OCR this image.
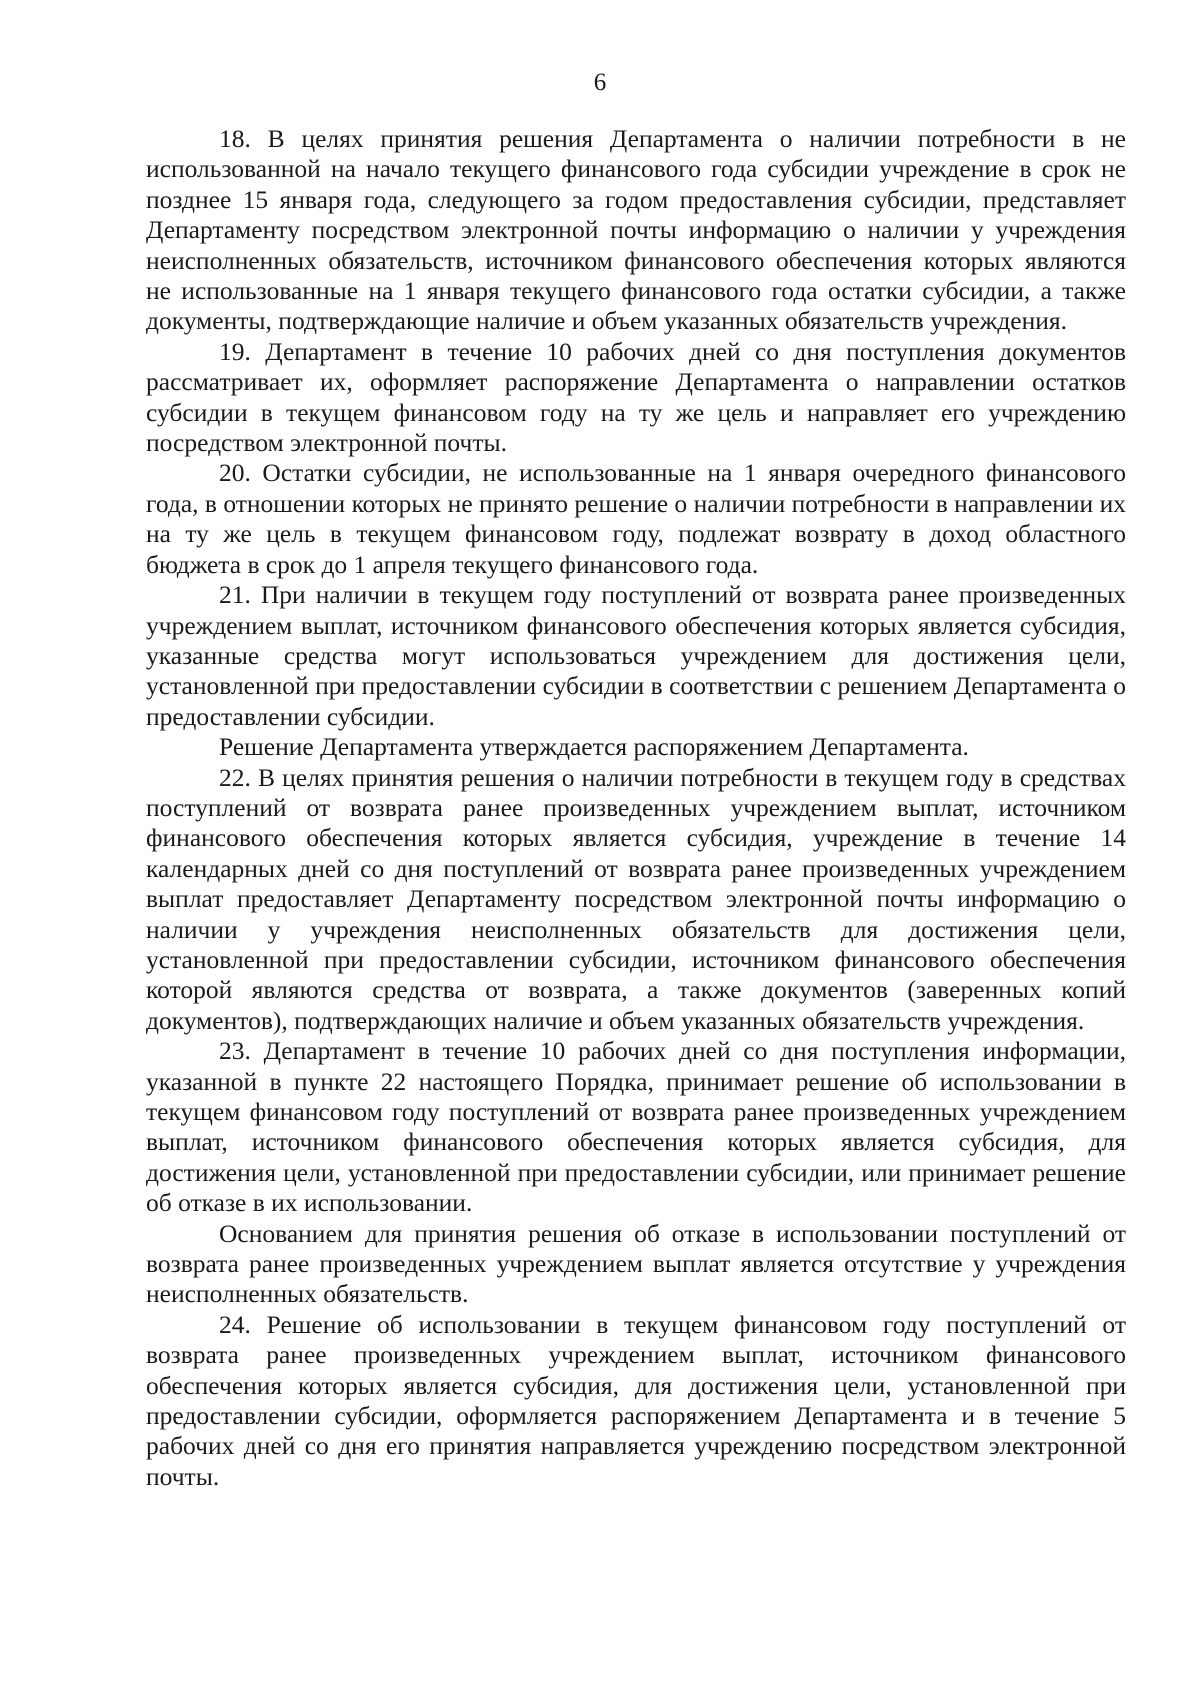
6

18. В целях принятия решения Департамента о наличии потребности в не использованной на начало текущего финансового года субсидии учреждение в срок не позднее 15 января года, следующего за годом предоставления субсидии, представляет Департаменту посредством электронной почты информацию о наличии у учреждения неисполненных обязательств, источником финансового обеспечения которых являются не использованные на 1 января текущего финансового года остатки субсидии, а также документы, подтверждающие наличие и объем указанных обязательств учреждения.

19. Департамент в течение 10 рабочих дней со дня поступления документов рассматривает их, оформляет распоряжение Департамента о направлении остатков субсидии в текущем финансовом году на ту же цель и направляет его учреждению посредством электронной почты.

20. Остатки субсидии, не использованные на 1 января очередного финансового года, в отношении которых не принято решение о наличии потребности в направлении их на ту же цель в текущем финансовом году, подлежат возврату в доход областного бюджета в срок до 1 апреля текущего финансового года.

21. При наличии в текущем году поступлений от возврата ранее произведенных учреждением выплат, источником финансового обеспечения которых является субсидия, указанные средства могут использоваться учреждением для достижения цели, установленной при предоставлении субсидии в соответствии с решением Департамента о предоставлении субсидии.

Решение Департамента утверждается распоряжением Департамента.

22. В целях принятия решения о наличии потребности в текущем году в средствах поступлений от возврата ранее произведенных учреждением выплат, источником финансового обеспечения которых является субсидия, учреждение в течение 14 календарных дней со дня поступлений от возврата ранее произведенных учреждением выплат предоставляет Департаменту посредством электронной почты информацию о наличии у учреждения неисполненных обязательств для достижения цели, установленной при предоставлении субсидии, источником финансового обеспечения которой являются средства от возврата, а также документов (заверенных копий документов), подтверждающих наличие и объем указанных обязательств учреждения.

23. Департамент в течение 10 рабочих дней со дня поступления информации, указанной в пункте 22 настоящего Порядка, принимает решение об использовании в текущем финансовом году поступлений от возврата ранее произведенных учреждением выплат, источником финансового обеспечения которых является субсидия, для достижения цели, установленной при предоставлении субсидии, или принимает решение об отказе в их использовании.

Основанием для принятия решения об отказе в использовании поступлений от возврата ранее произведенных учреждением выплат является отсутствие у учреждения неисполненных обязательств.

24. Решение об использовании в текущем финансовом году поступлений от возврата ранее произведенных учреждением выплат, источником финансового обеспечения которых является субсидия, для достижения цели, установленной при предоставлении субсидии, оформляется распоряжением Департамента и в течение 5 рабочих дней со дня его принятия направляется учреждению посредством электронной почты.
